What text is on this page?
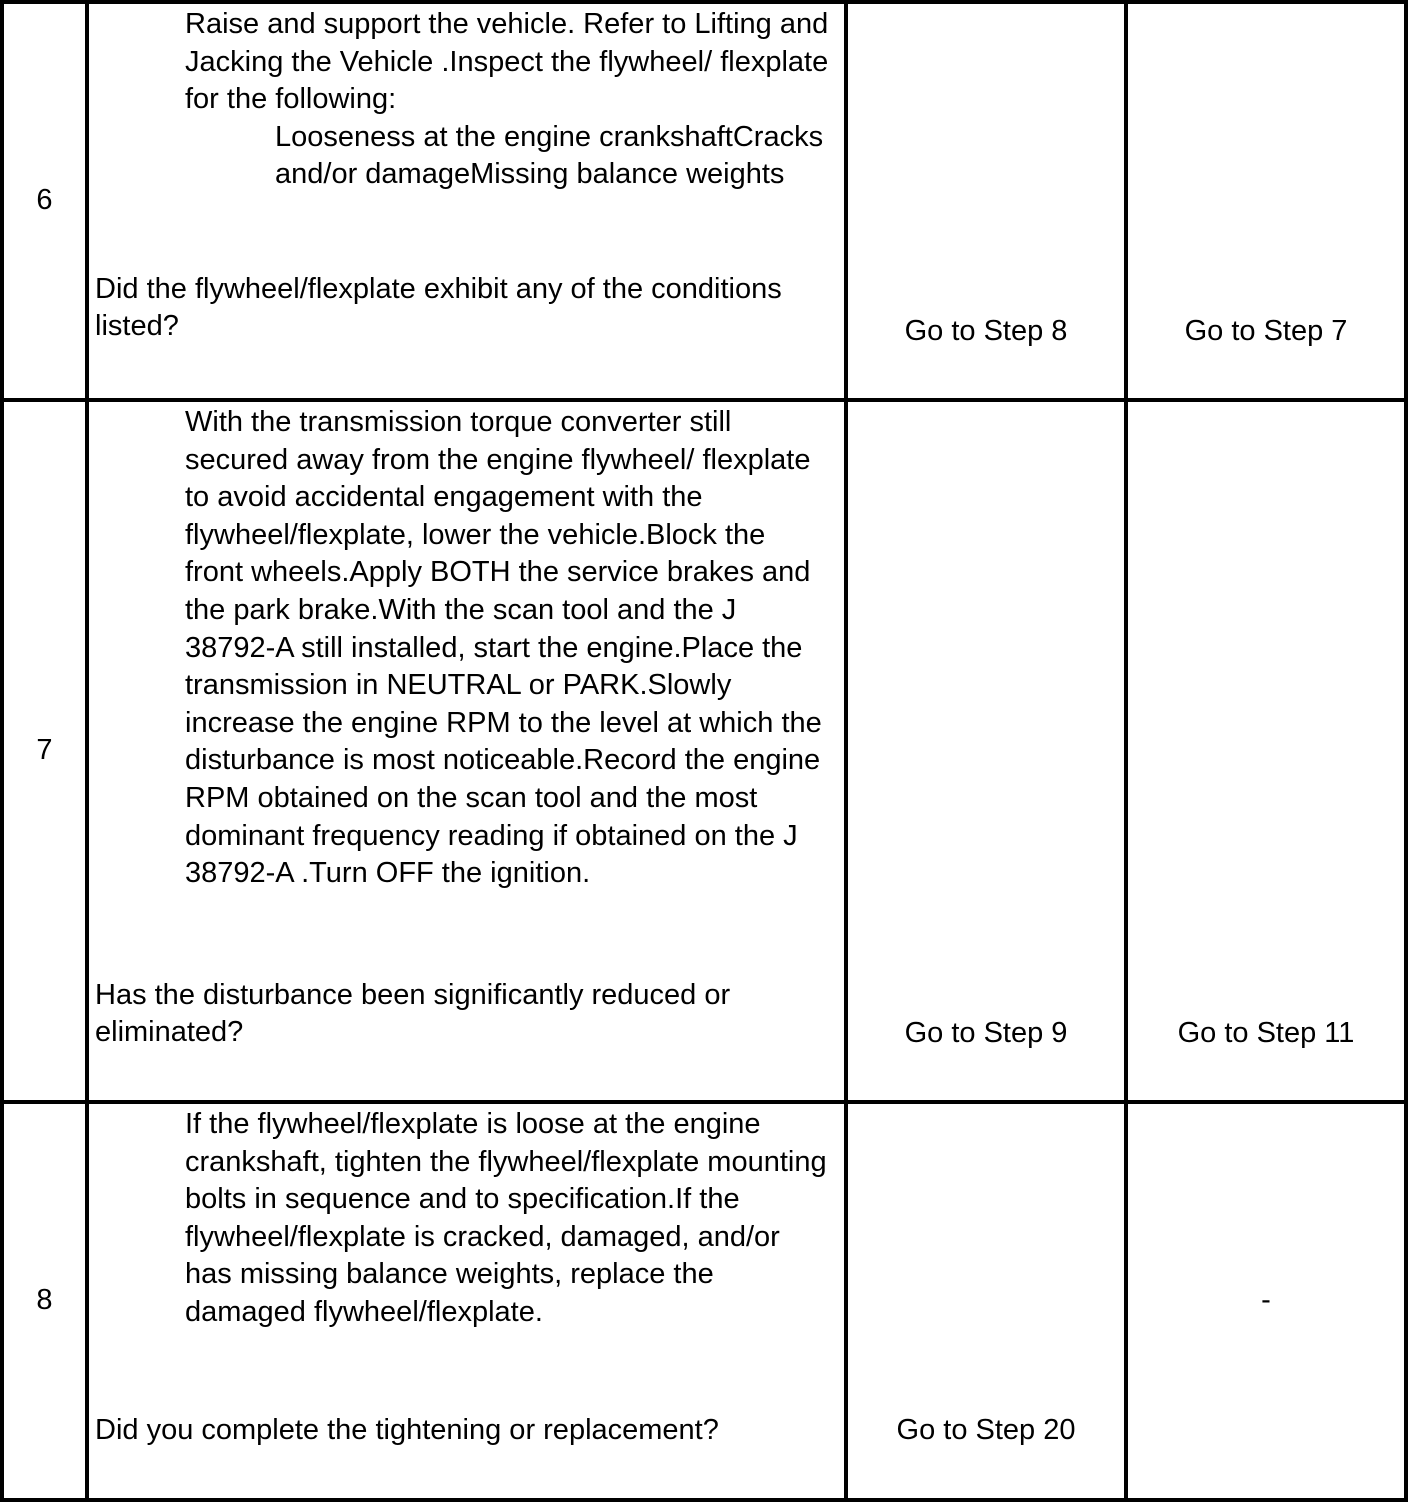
6	Raise and support the vehicle. Refer to Lifting and Jacking the Vehicle .Inspect the flywheel/ flexplate for the following:
Looseness at the engine crankshaftCracks and/or damageMissing balance weights
Did the flywheel/flexplate exhibit any of the conditions listed?	Go to Step 8	Go to Step 7

7	With the transmission torque converter still secured away from the engine flywheel/ flexplate to avoid accidental engagement with the flywheel/flexplate, lower the vehicle.Block the front wheels.Apply BOTH the service brakes and the park brake.With the scan tool and the J 38792-A still installed, start the engine.Place the transmission in NEUTRAL or PARK.Slowly increase the engine RPM to the level at which the disturbance is most noticeable.Record the engine RPM obtained on the scan tool and the most dominant frequency reading if obtained on the J 38792-A .Turn OFF the ignition.
Has the disturbance been significantly reduced or eliminated?	Go to Step 9	Go to Step 11

8	If the flywheel/flexplate is loose at the engine crankshaft, tighten the flywheel/flexplate mounting bolts in sequence and to specification.If the flywheel/flexplate is cracked, damaged, and/or has missing balance weights, replace the damaged flywheel/flexplate.
Did you complete the tightening or replacement?	Go to Step 20	-
